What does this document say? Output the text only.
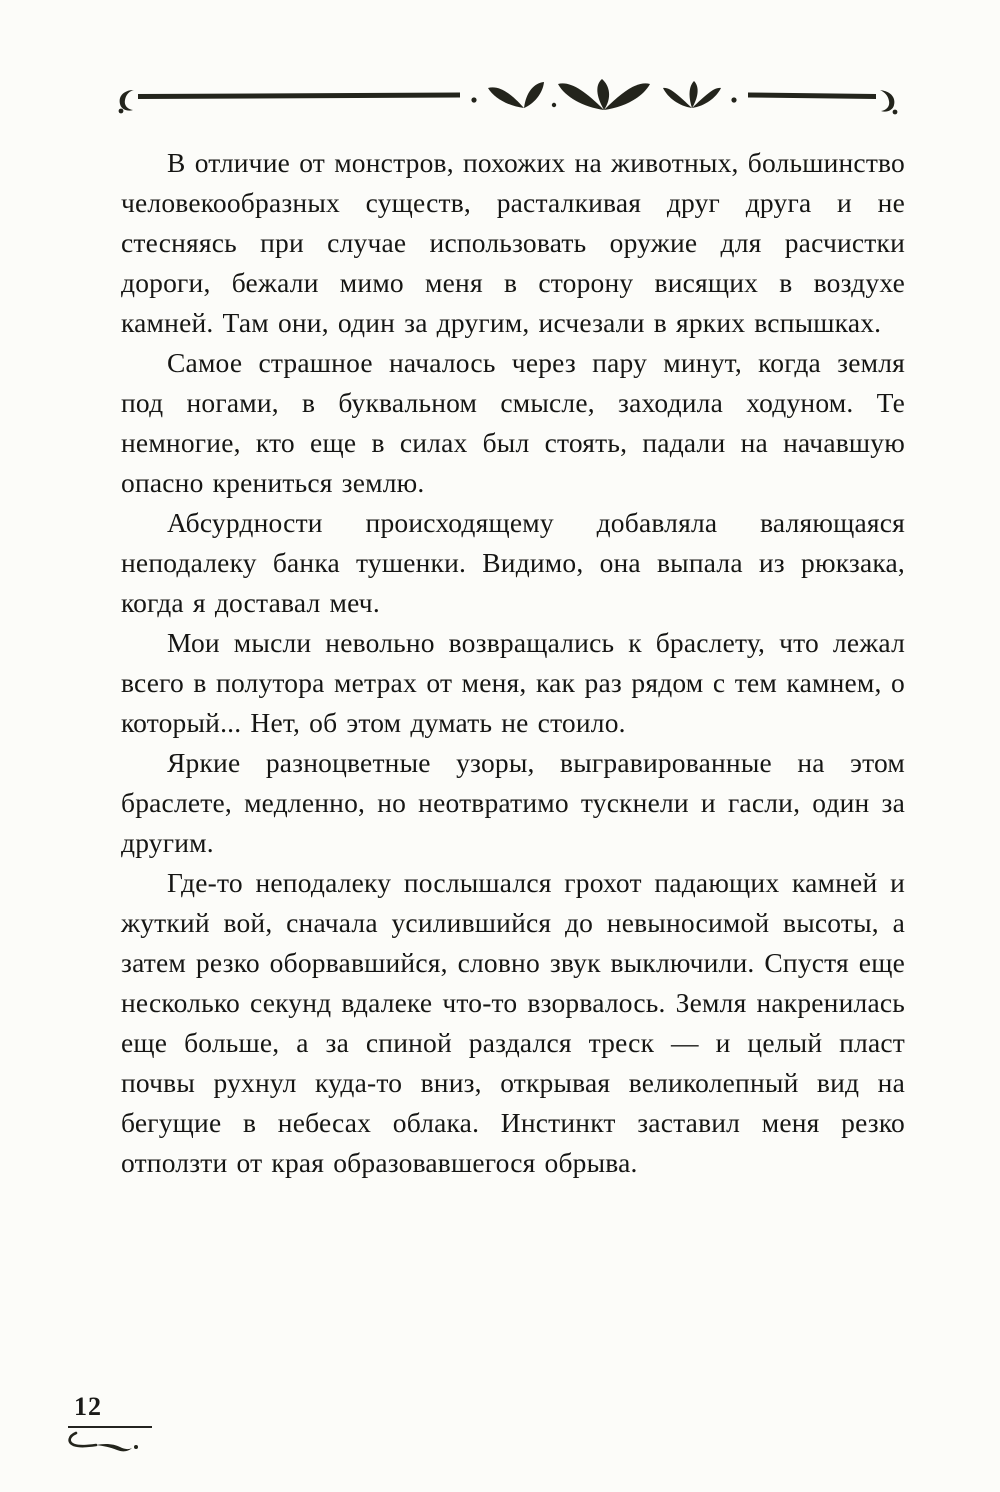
В отличие от монстров, похожих на животных, большинство человекообразных существ, расталкивая друг друга и не стесняясь при случае использовать оружие для расчистки дороги, бежали мимо меня в сторону висящих в воздухе камней. Там они, один за другим, исчезали в ярких вспышках.

Самое страшное началось через пару минут, когда земля под ногами, в буквальном смысле, заходила ходуном. Те немногие, кто еще в силах был стоять, падали на начавшую опасно крениться землю.

Абсурдности происходящему добавляла валяющаяся неподалеку банка тушенки. Видимо, она выпала из рюкзака, когда я доставал меч.

Мои мысли невольно возвращались к браслету, что лежал всего в полутора метрах от меня, как раз рядом с тем камнем, о который... Нет, об этом думать не стоило.

Яркие разноцветные узоры, выгравированные на этом браслете, медленно, но неотвратимо тускнели и гасли, один за другим.

Где-то неподалеку послышался грохот падающих камней и жуткий вой, сначала усилившийся до невыносимой высоты, а затем резко оборвавшийся, словно звук выключили. Спустя еще несколько секунд вдалеке что-то взорвалось. Земля накренилась еще больше, а за спиной раздался треск — и целый пласт почвы рухнул куда-то вниз, открывая великолепный вид на бегущие в небесах облака. Инстинкт заставил меня резко отползти от края образовавшегося обрыва.

12
